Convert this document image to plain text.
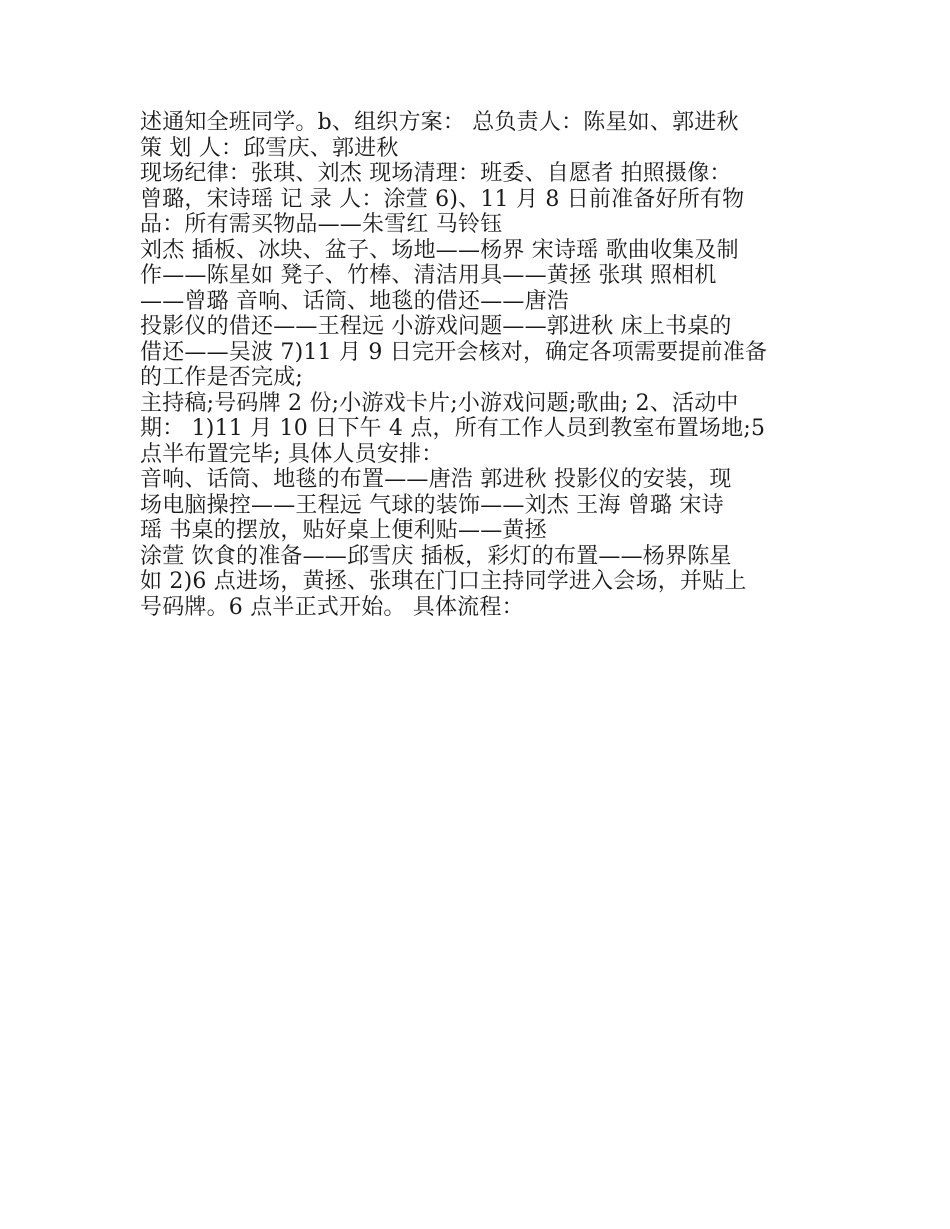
述通知全班同学。b、组织方案： 总负责人：陈星如、郭进秋
策 划 人：邱雪庆、郭进秋
现场纪律：张琪、刘杰 现场清理：班委、自愿者 拍照摄像：
曾璐，宋诗瑶 记 录 人：涂萱 6)、11 月 8 日前准备好所有物
品：所有需买物品——朱雪红 马铃钰
刘杰 插板、冰块、盆子、场地——杨界 宋诗瑶 歌曲收集及制
作——陈星如 凳子、竹棒、清洁用具——黄拯 张琪 照相机
——曾璐 音响、话筒、地毯的借还——唐浩
投影仪的借还——王程远 小游戏问题——郭进秋 床上书桌的
借还——吴波 7)11 月 9 日完开会核对，确定各项需要提前准备
的工作是否完成;
主持稿;号码牌 2 份;小游戏卡片;小游戏问题;歌曲; 2、活动中
期： 1)11 月 10 日下午 4 点，所有工作人员到教室布置场地;5
点半布置完毕; 具体人员安排：
音响、话筒、地毯的布置——唐浩 郭进秋 投影仪的安装，现
场电脑操控——王程远 气球的装饰——刘杰 王海 曾璐 宋诗
瑶 书桌的摆放，贴好桌上便利贴——黄拯
涂萱 饮食的准备——邱雪庆 插板，彩灯的布置——杨界陈星
如 2)6 点进场，黄拯、张琪在门口主持同学进入会场，并贴上
号码牌。6 点半正式开始。 具体流程：
